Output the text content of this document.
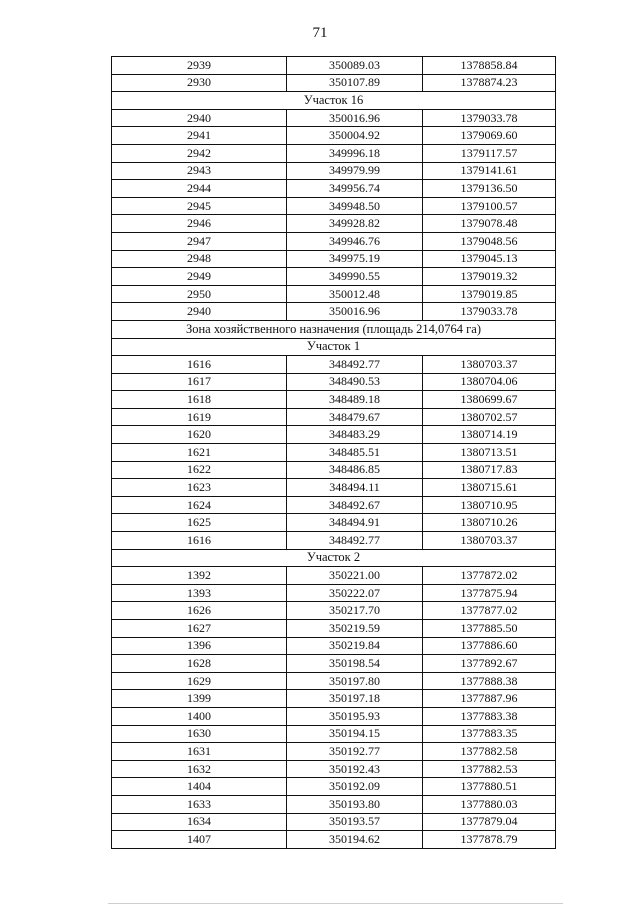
71
2939	350089.03	1378858.84
2930	350107.89	1378874.23
Участок 16		
2940	350016.96	1379033.78
2941	350004.92	1379069.60
2942	349996.18	1379117.57
2943	349979.99	1379141.61
2944	349956.74	1379136.50
2945	349948.50	1379100.57
2946	349928.82	1379078.48
2947	349946.76	1379048.56
2948	349975.19	1379045.13
2949	349990.55	1379019.32
2950	350012.48	1379019.85
2940	350016.96	1379033.78
Зона хозяйственного назначения (площадь 214,0764 га)		
Участок 1		
1616	348492.77	1380703.37
1617	348490.53	1380704.06
1618	348489.18	1380699.67
1619	348479.67	1380702.57
1620	348483.29	1380714.19
1621	348485.51	1380713.51
1622	348486.85	1380717.83
1623	348494.11	1380715.61
1624	348492.67	1380710.95
1625	348494.91	1380710.26
1616	348492.77	1380703.37
Участок 2		
1392	350221.00	1377872.02
1393	350222.07	1377875.94
1626	350217.70	1377877.02
1627	350219.59	1377885.50
1396	350219.84	1377886.60
1628	350198.54	1377892.67
1629	350197.80	1377888.38
1399	350197.18	1377887.96
1400	350195.93	1377883.38
1630	350194.15	1377883.35
1631	350192.77	1377882.58
1632	350192.43	1377882.53
1404	350192.09	1377880.51
1633	350193.80	1377880.03
1634	350193.57	1377879.04
1407	350194.62	1377878.79
